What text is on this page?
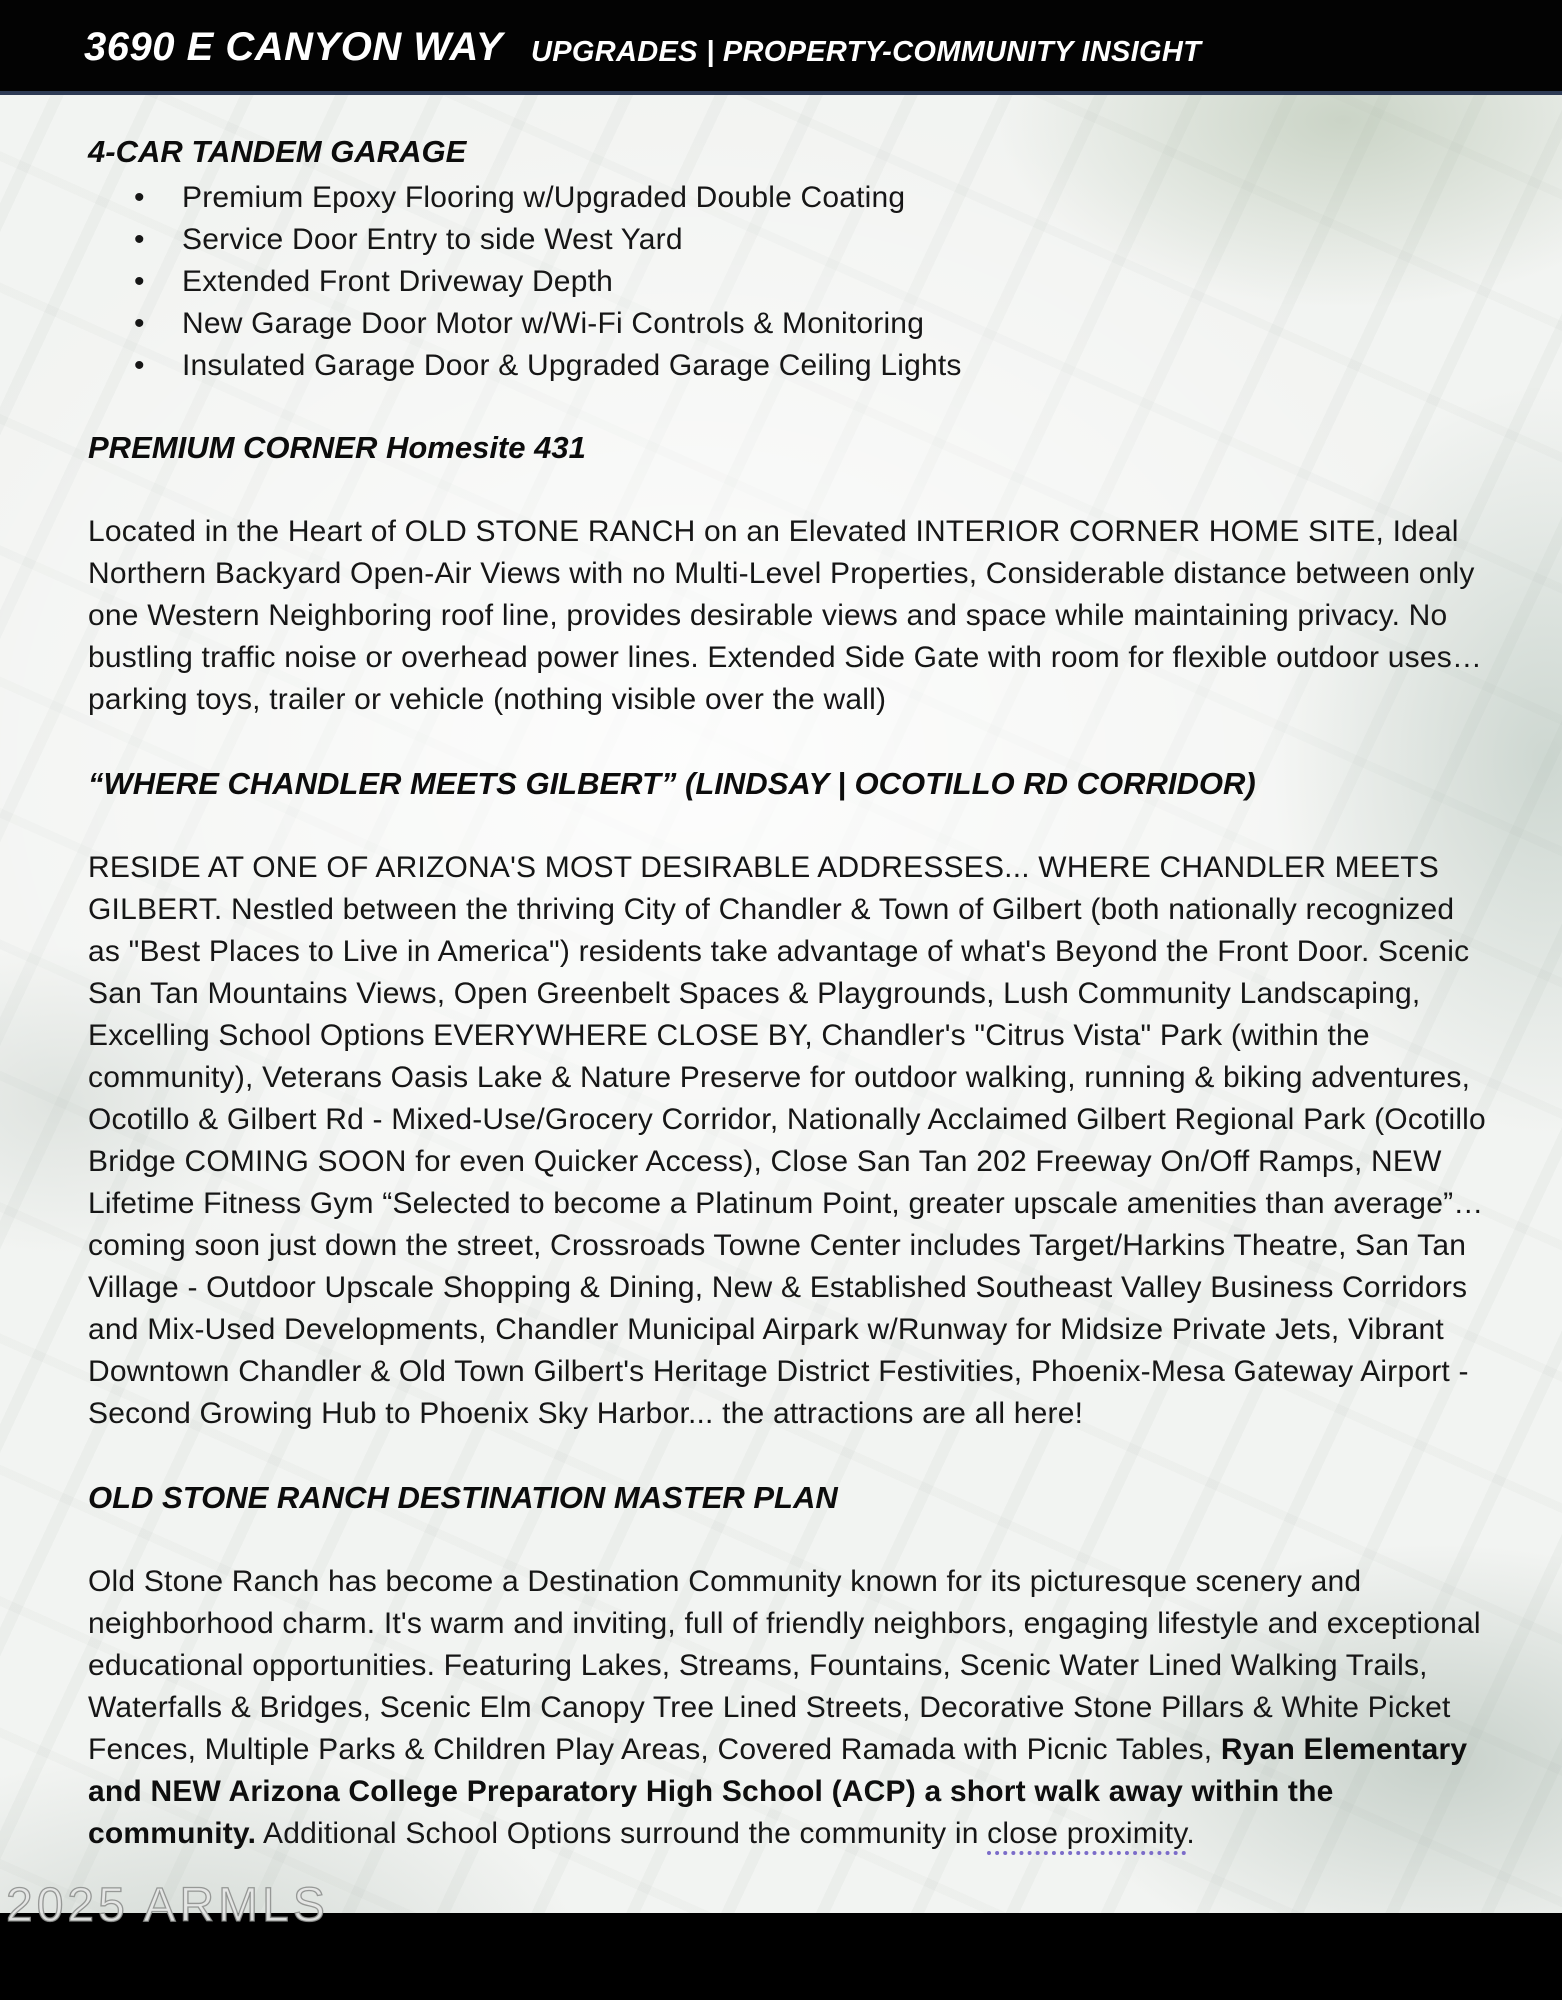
3690 E CANYON WAY UPGRADES | PROPERTY-COMMUNITY INSIGHT
4-CAR TANDEM GARAGE
• Premium Epoxy Flooring w/Upgraded Double Coating
• Service Door Entry to side West Yard
• Extended Front Driveway Depth
• New Garage Door Motor w/Wi-Fi Controls & Monitoring
• Insulated Garage Door & Upgraded Garage Ceiling Lights
PREMIUM CORNER Homesite 431

Located in the Heart of OLD STONE RANCH on an Elevated INTERIOR CORNER HOME SITE, Ideal Northern Backyard Open-Air Views with no Multi-Level Properties, Considerable distance between only one Western Neighboring roof line, provides desirable views and space while maintaining privacy. No bustling traffic noise or overhead power lines. Extended Side Gate with room for flexible outdoor uses… parking toys, trailer or vehicle (nothing visible over the wall)

“WHERE CHANDLER MEETS GILBERT” (LINDSAY | OCOTILLO RD CORRIDOR)

RESIDE AT ONE OF ARIZONA'S MOST DESIRABLE ADDRESSES... WHERE CHANDLER MEETS GILBERT. Nestled between the thriving City of Chandler & Town of Gilbert (both nationally recognized as "Best Places to Live in America") residents take advantage of what's Beyond the Front Door. Scenic San Tan Mountains Views, Open Greenbelt Spaces & Playgrounds, Lush Community Landscaping, Excelling School Options EVERYWHERE CLOSE BY, Chandler's "Citrus Vista" Park (within the community), Veterans Oasis Lake & Nature Preserve for outdoor walking, running & biking adventures, Ocotillo & Gilbert Rd - Mixed-Use/Grocery Corridor, Nationally Acclaimed Gilbert Regional Park (Ocotillo Bridge COMING SOON for even Quicker Access), Close San Tan 202 Freeway On/Off Ramps, NEW Lifetime Fitness Gym “Selected to become a Platinum Point, greater upscale amenities than average”… coming soon just down the street, Crossroads Towne Center includes Target/Harkins Theatre, San Tan Village - Outdoor Upscale Shopping & Dining, New & Established Southeast Valley Business Corridors and Mix-Used Developments, Chandler Municipal Airpark w/Runway for Midsize Private Jets, Vibrant Downtown Chandler & Old Town Gilbert's Heritage District Festivities, Phoenix-Mesa Gateway Airport - Second Growing Hub to Phoenix Sky Harbor... the attractions are all here!

OLD STONE RANCH DESTINATION MASTER PLAN

Old Stone Ranch has become a Destination Community known for its picturesque scenery and neighborhood charm. It's warm and inviting, full of friendly neighbors, engaging lifestyle and exceptional educational opportunities. Featuring Lakes, Streams, Fountains, Scenic Water Lined Walking Trails, Waterfalls & Bridges, Scenic Elm Canopy Tree Lined Streets, Decorative Stone Pillars & White Picket Fences, Multiple Parks & Children Play Areas, Covered Ramada with Picnic Tables, Ryan Elementary and NEW Arizona College Preparatory High School (ACP) a short walk away within the community. Additional School Options surround the community in close proximity.

2025 ARMLS
